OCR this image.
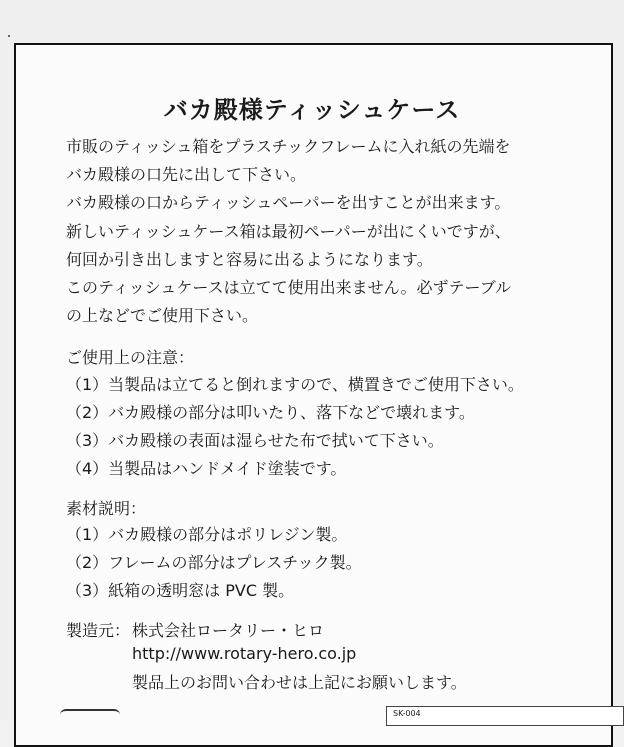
バカ殿様ティッシュケース
市販のティッシュ箱をプラスチックフレームに入れ紙の先端を
バカ殿様の口先に出して下さい。
バカ殿様の口からティッシュペーパーを出すことが出来ます。
新しいティッシュケース箱は最初ペーパーが出にくいですが、
何回か引き出しますと容易に出るようになります。
このティッシュケースは立てて使用出来ません。必ずテーブル
の上などでご使用下さい。
ご使用上の注意：
（1）当製品は立てると倒れますので、横置きでご使用下さい。
（2）バカ殿様の部分は叩いたり、落下などで壊れます。
（3）バカ殿様の表面は湿らせた布で拭いて下さい。
（4）当製品はハンドメイド塗装です。
素材説明：
（1）バカ殿様の部分はポリレジン製。
（2）フレームの部分はプレスチック製。
（3）紙箱の透明窓は PVC 製。
製造元： 株式会社ロータリー・ヒロ
http://www.rotary-hero.co.jp
製品上のお問い合わせは上記にお願いします。
SK-004
